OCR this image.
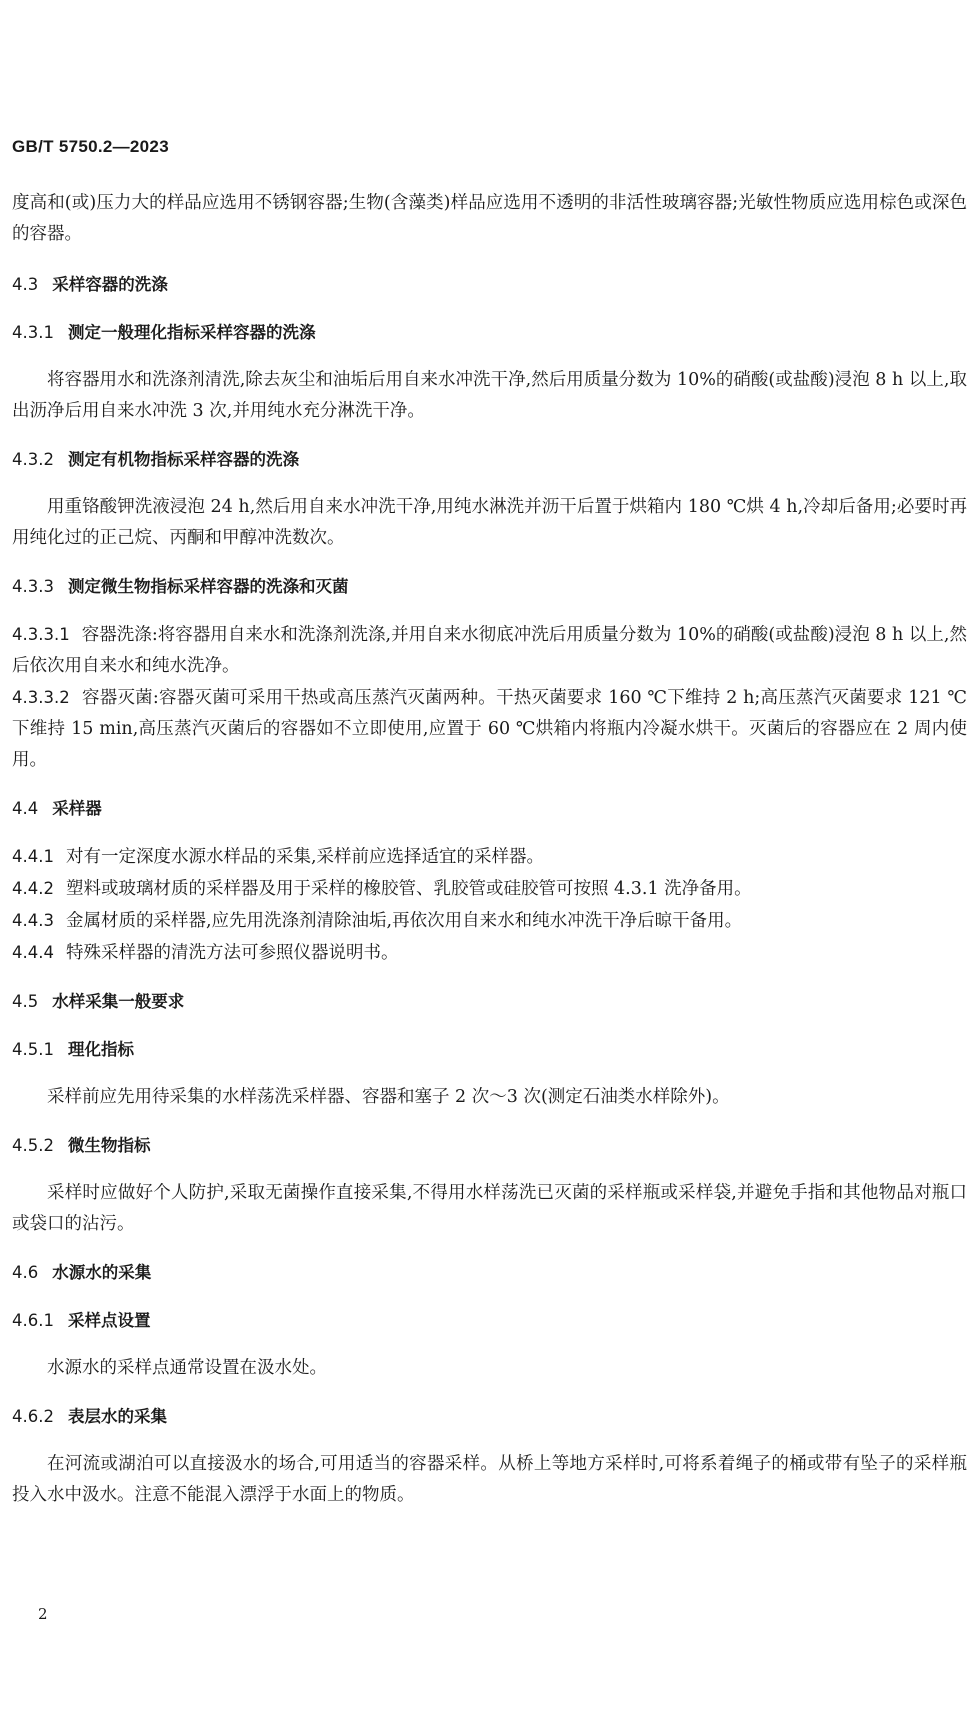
GB/T 5750.2—2023

度高和(或)压力大的样品应选用不锈钢容器;生物(含藻类)样品应选用不透明的非活性玻璃容器;光敏性物质应选用棕色或深色的容器。

4.3 采样容器的洗涤
4.3.1 测定一般理化指标采样容器的洗涤

将容器用水和洗涤剂清洗,除去灰尘和油垢后用自来水冲洗干净,然后用质量分数为 10%的硝酸(或盐酸)浸泡 8 h 以上,取出沥净后用自来水冲洗 3 次,并用纯水充分淋洗干净。

4.3.2 测定有机物指标采样容器的洗涤

用重铬酸钾洗液浸泡 24 h,然后用自来水冲洗干净,用纯水淋洗并沥干后置于烘箱内 180 ℃烘 4 h,冷却后备用;必要时再用纯化过的正己烷、丙酮和甲醇冲洗数次。

4.3.3 测定微生物指标采样容器的洗涤和灭菌

4.3.3.1 容器洗涤:将容器用自来水和洗涤剂洗涤,并用自来水彻底冲洗后用质量分数为 10%的硝酸(或盐酸)浸泡 8 h 以上,然后依次用自来水和纯水洗净。

4.3.3.2 容器灭菌:容器灭菌可采用干热或高压蒸汽灭菌两种。干热灭菌要求 160 ℃下维持 2 h;高压蒸汽灭菌要求 121 ℃下维持 15 min,高压蒸汽灭菌后的容器如不立即使用,应置于 60 ℃烘箱内将瓶内冷凝水烘干。灭菌后的容器应在 2 周内使用。

4.4 采样器

4.4.1 对有一定深度水源水样品的采集,采样前应选择适宜的采样器。

4.4.2 塑料或玻璃材质的采样器及用于采样的橡胶管、乳胶管或硅胶管可按照 4.3.1 洗净备用。

4.4.3 金属材质的采样器,应先用洗涤剂清除油垢,再依次用自来水和纯水冲洗干净后晾干备用。

4.4.4 特殊采样器的清洗方法可参照仪器说明书。

4.5 水样采集一般要求
4.5.1 理化指标

采样前应先用待采集的水样荡洗采样器、容器和塞子 2 次～3 次(测定石油类水样除外)。

4.5.2 微生物指标

采样时应做好个人防护,采取无菌操作直接采集,不得用水样荡洗已灭菌的采样瓶或采样袋,并避免手指和其他物品对瓶口或袋口的沾污。

4.6 水源水的采集
4.6.1 采样点设置

水源水的采样点通常设置在汲水处。

4.6.2 表层水的采集

在河流或湖泊可以直接汲水的场合,可用适当的容器采样。从桥上等地方采样时,可将系着绳子的桶或带有坠子的采样瓶投入水中汲水。注意不能混入漂浮于水面上的物质。

2
